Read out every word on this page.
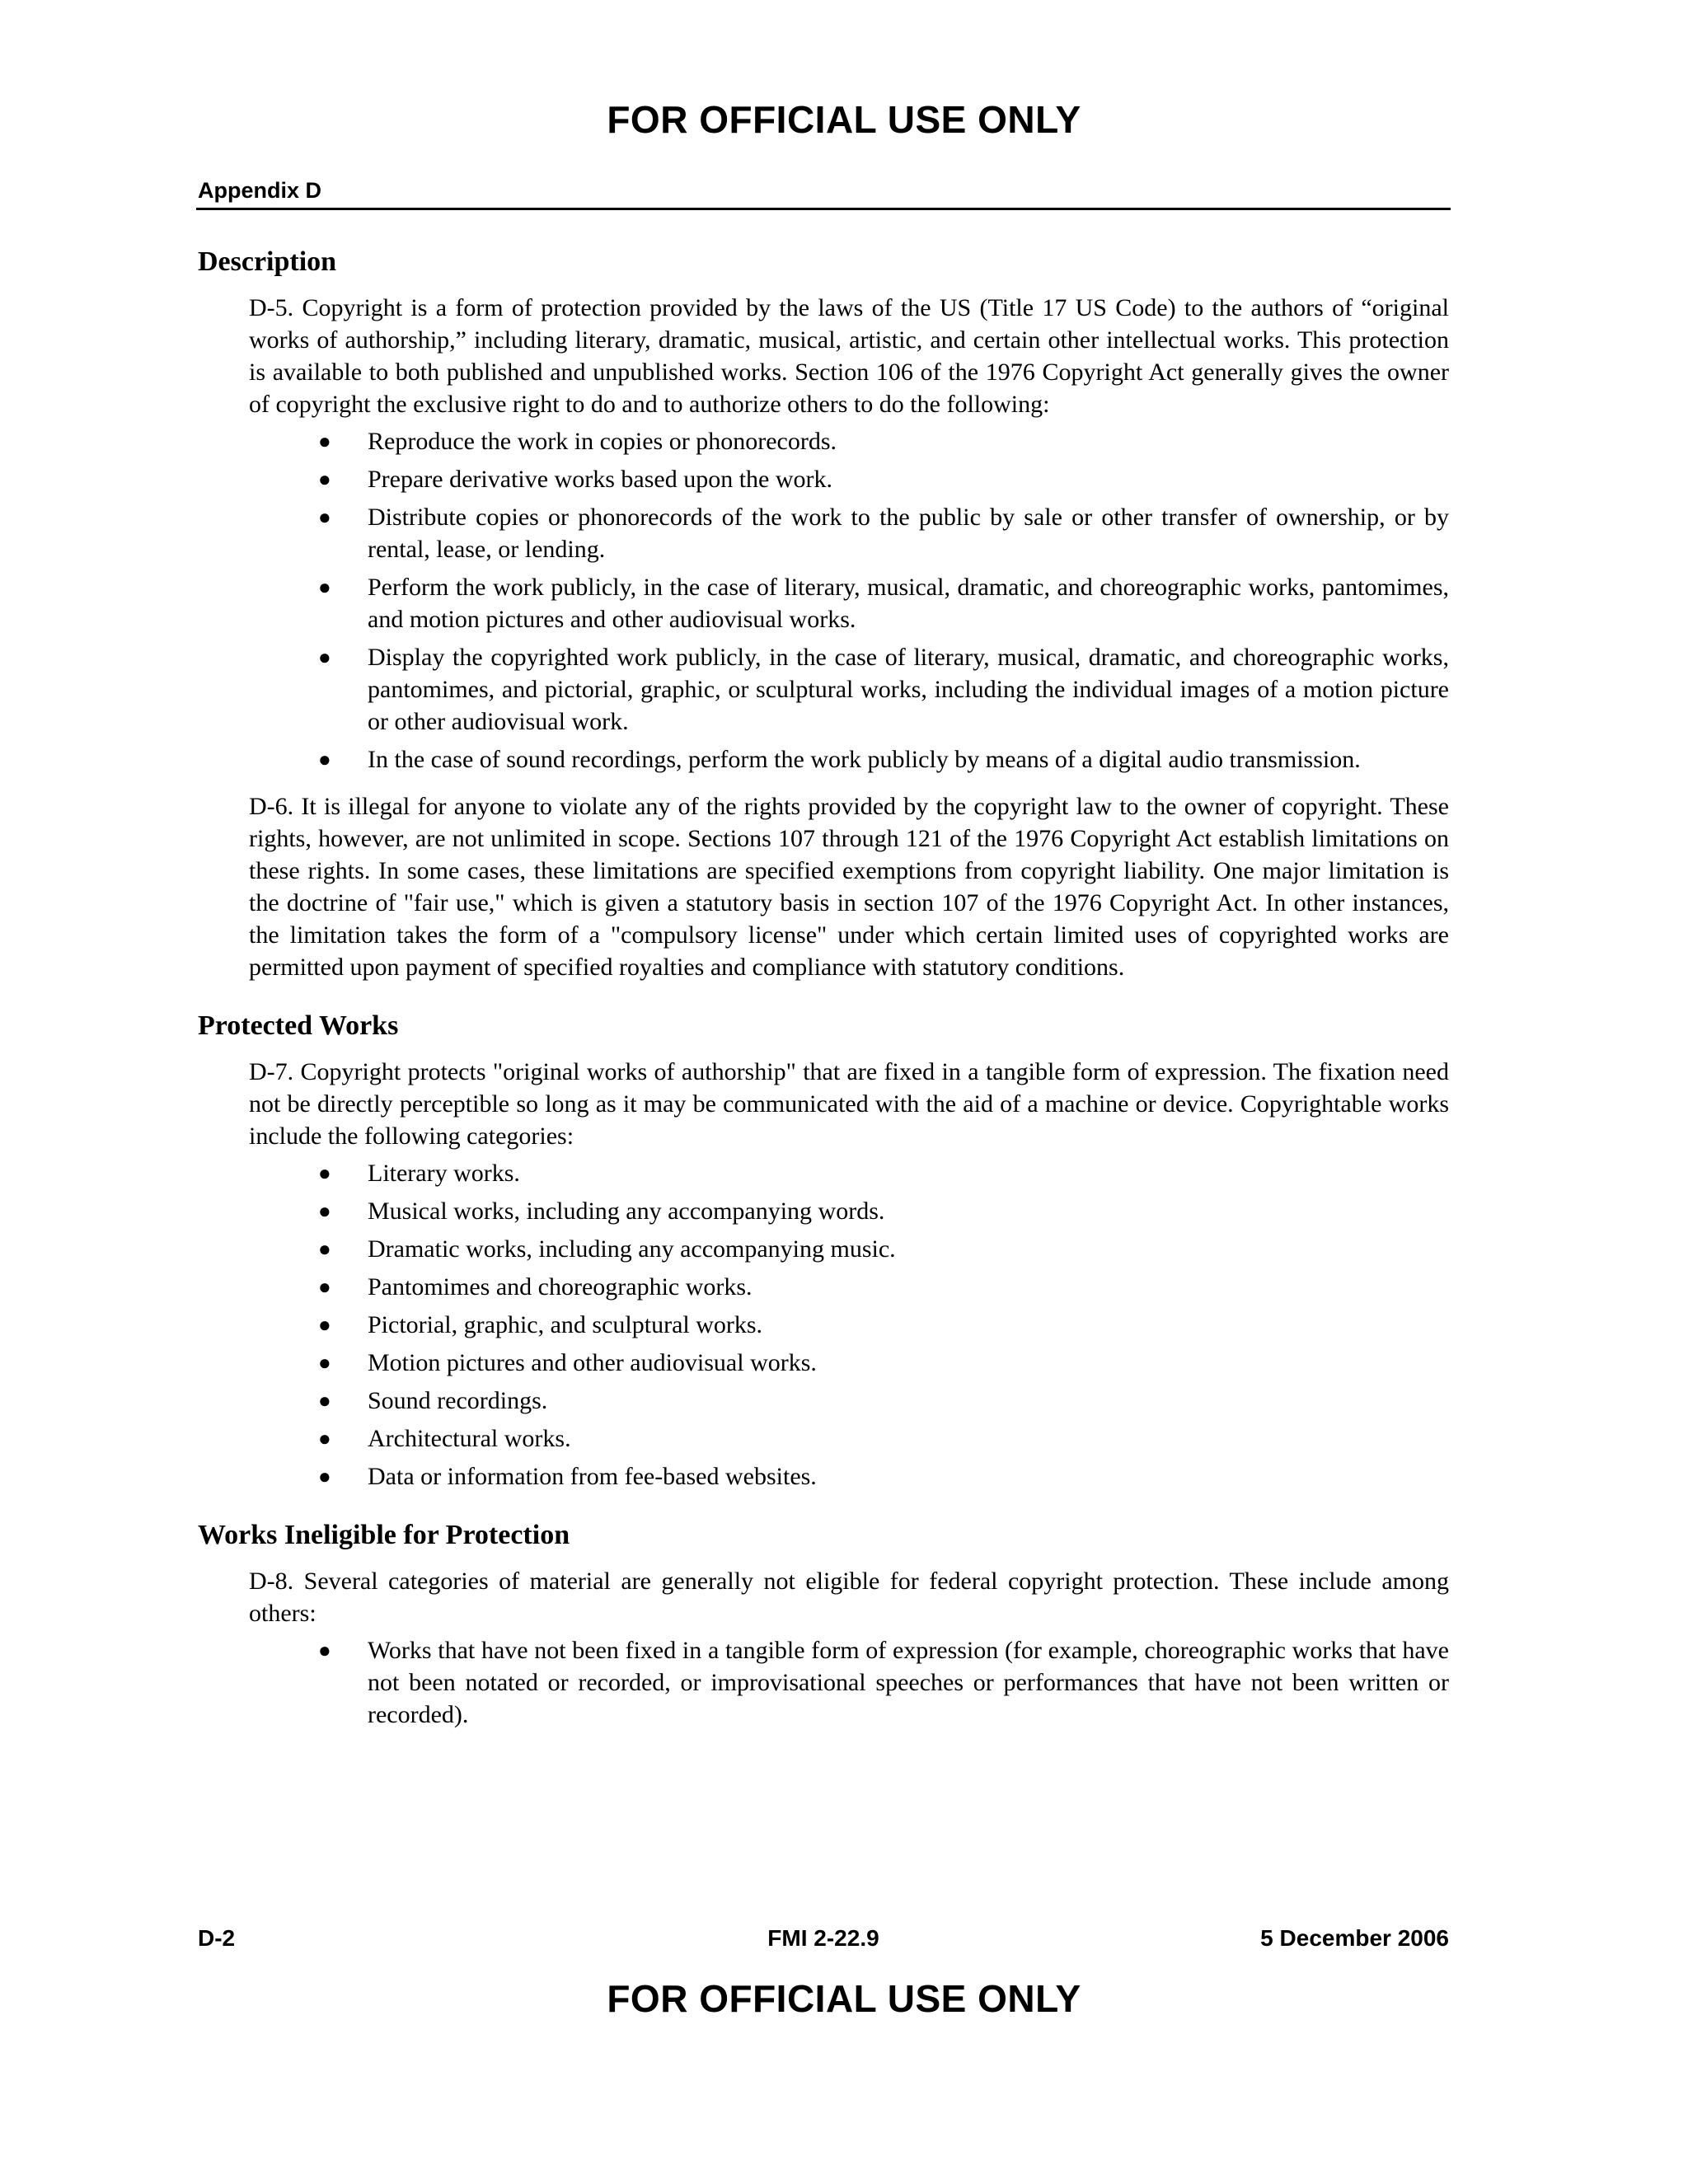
FOR OFFICIAL USE ONLY
Appendix D
Description

D-5. Copyright is a form of protection provided by the laws of the US (Title 17 US Code) to the authors of “original works of authorship,” including literary, dramatic, musical, artistic, and certain other intellectual works. This protection is available to both published and unpublished works. Section 106 of the 1976 Copyright Act generally gives the owner of copyright the exclusive right to do and to authorize others to do the following:

● Reproduce the work in copies or phonorecords.
● Prepare derivative works based upon the work.
● Distribute copies or phonorecords of the work to the public by sale or other transfer of ownership, or by rental, lease, or lending.
● Perform the work publicly, in the case of literary, musical, dramatic, and choreographic works, pantomimes, and motion pictures and other audiovisual works.
● Display the copyrighted work publicly, in the case of literary, musical, dramatic, and choreographic works, pantomimes, and pictorial, graphic, or sculptural works, including the individual images of a motion picture or other audiovisual work.
● In the case of sound recordings, perform the work publicly by means of a digital audio transmission.

D-6. It is illegal for anyone to violate any of the rights provided by the copyright law to the owner of copyright. These rights, however, are not unlimited in scope. Sections 107 through 121 of the 1976 Copyright Act establish limitations on these rights. In some cases, these limitations are specified exemptions from copyright liability. One major limitation is the doctrine of "fair use," which is given a statutory basis in section 107 of the 1976 Copyright Act. In other instances, the limitation takes the form of a "compulsory license" under which certain limited uses of copyrighted works are permitted upon payment of specified royalties and compliance with statutory conditions.

Protected Works

D-7. Copyright protects "original works of authorship" that are fixed in a tangible form of expression. The fixation need not be directly perceptible so long as it may be communicated with the aid of a machine or device. Copyrightable works include the following categories:

● Literary works.
● Musical works, including any accompanying words.
● Dramatic works, including any accompanying music.
● Pantomimes and choreographic works.
● Pictorial, graphic, and sculptural works.
● Motion pictures and other audiovisual works.
● Sound recordings.
● Architectural works.
● Data or information from fee-based websites.
Works Ineligible for Protection

D-8. Several categories of material are generally not eligible for federal copyright protection. These include among others:

● Works that have not been fixed in a tangible form of expression (for example, choreographic works that have not been notated or recorded, or improvisational speeches or performances that have not been written or recorded).
D-2	FMI 2-22.9	5 December 2006
FOR OFFICIAL USE ONLY
